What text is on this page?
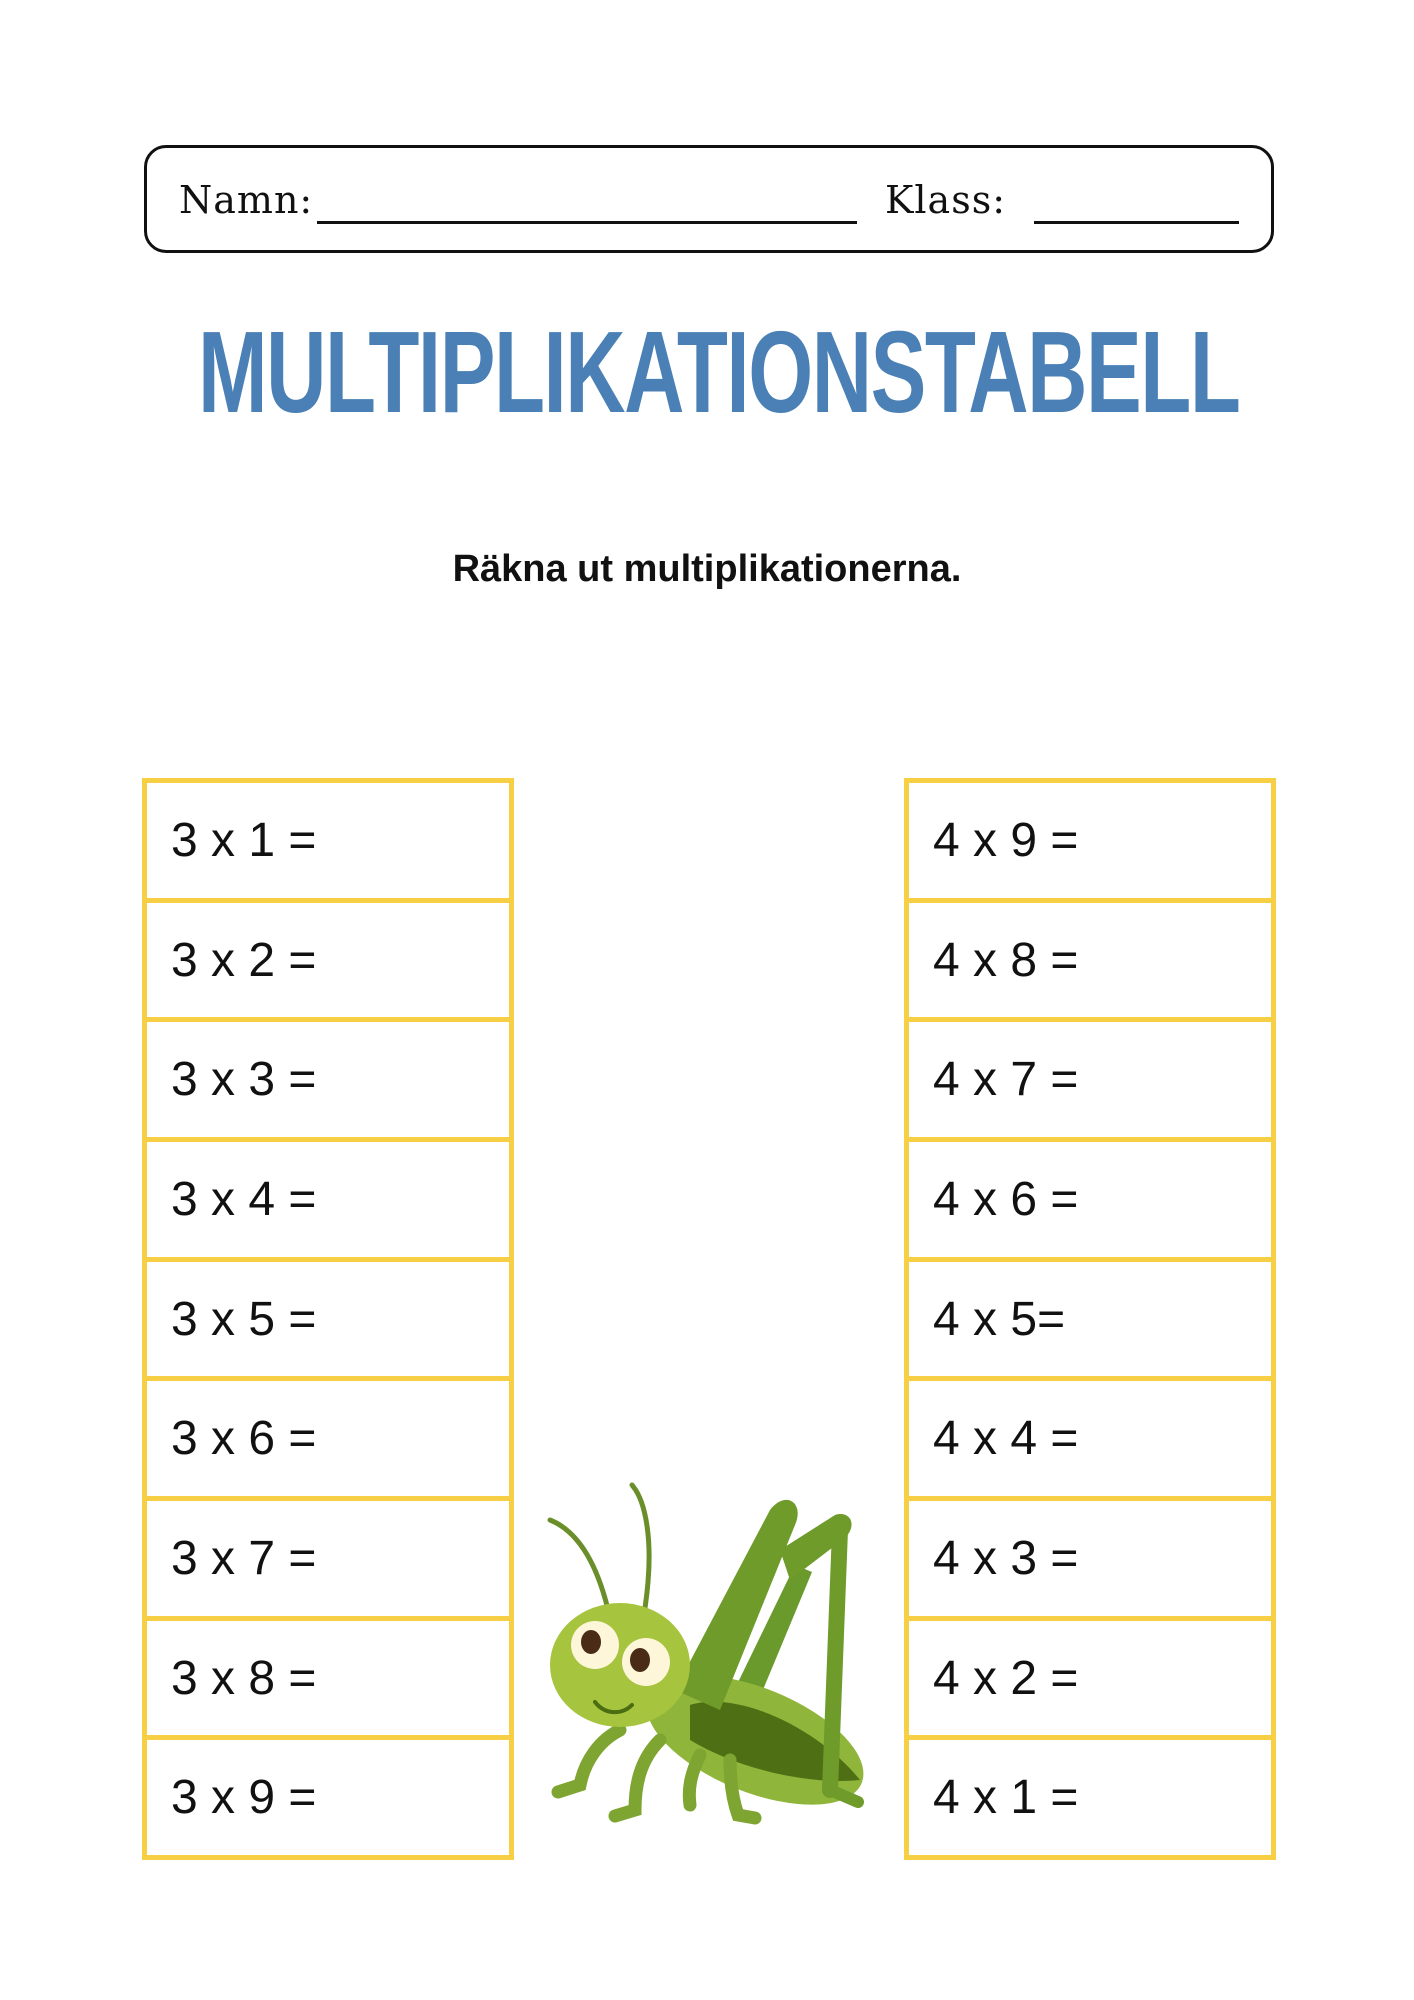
Namn:	Klass:
MULTIPLIKATIONSTABELL
Räkna ut multiplikationerna.
3 x 1 =
3 x 2 =
3 x 3 =
3 x 4 =
3 x 5 =
3 x 6 =
3 x 7 =
3 x 8 =
3 x 9 =
4 x 9 =
4 x 8 =
4 x 7 =
4 x 6 =
4 x 5=
4 x 4 =
4 x 3 =
4 x 2 =
4 x 1 =
